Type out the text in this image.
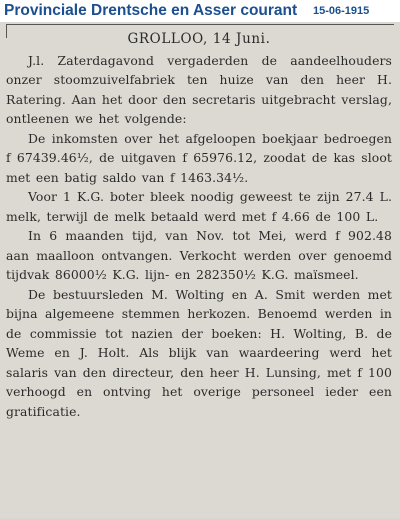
Provinciale Drentsche en Asser courant 15-06-1915
GROLLOO, 14 Juni.

J.l. Zaterdagavond vergaderden de aandeelhouders onzer stoomzuivelfabriek ten huize van den heer H. Ratering. Aan het door den secretaris uitgebracht verslag, ontleenen we het volgende:

De inkomsten over het afgeloopen boekjaar bedroegen f 67439.46½, de uitgaven f 65976.12, zoodat de kas sloot met een batig saldo van f 1463.34½.

Voor 1 K.G. boter bleek noodig geweest te zijn 27.4 L. melk, terwijl de melk betaald werd met f 4.66 de 100 L.

In 6 maanden tijd, van Nov. tot Mei, werd f 902.48 aan maalloon ontvangen. Verkocht werden over genoemd tijdvak 86000½ K.G. lijn- en 282350½ K.G. maïsmeel.

De bestuursleden M. Wolting en A. Smit werden met bijna algemeene stemmen herkozen. Benoemd werden in de commissie tot nazien der boeken: H. Wolting, B. de Weme en J. Holt. Als blijk van waardeering werd het salaris van den directeur, den heer H. Lunsing, met f 100 verhoogd en ontving het overige personeel ieder een gratificatie.
